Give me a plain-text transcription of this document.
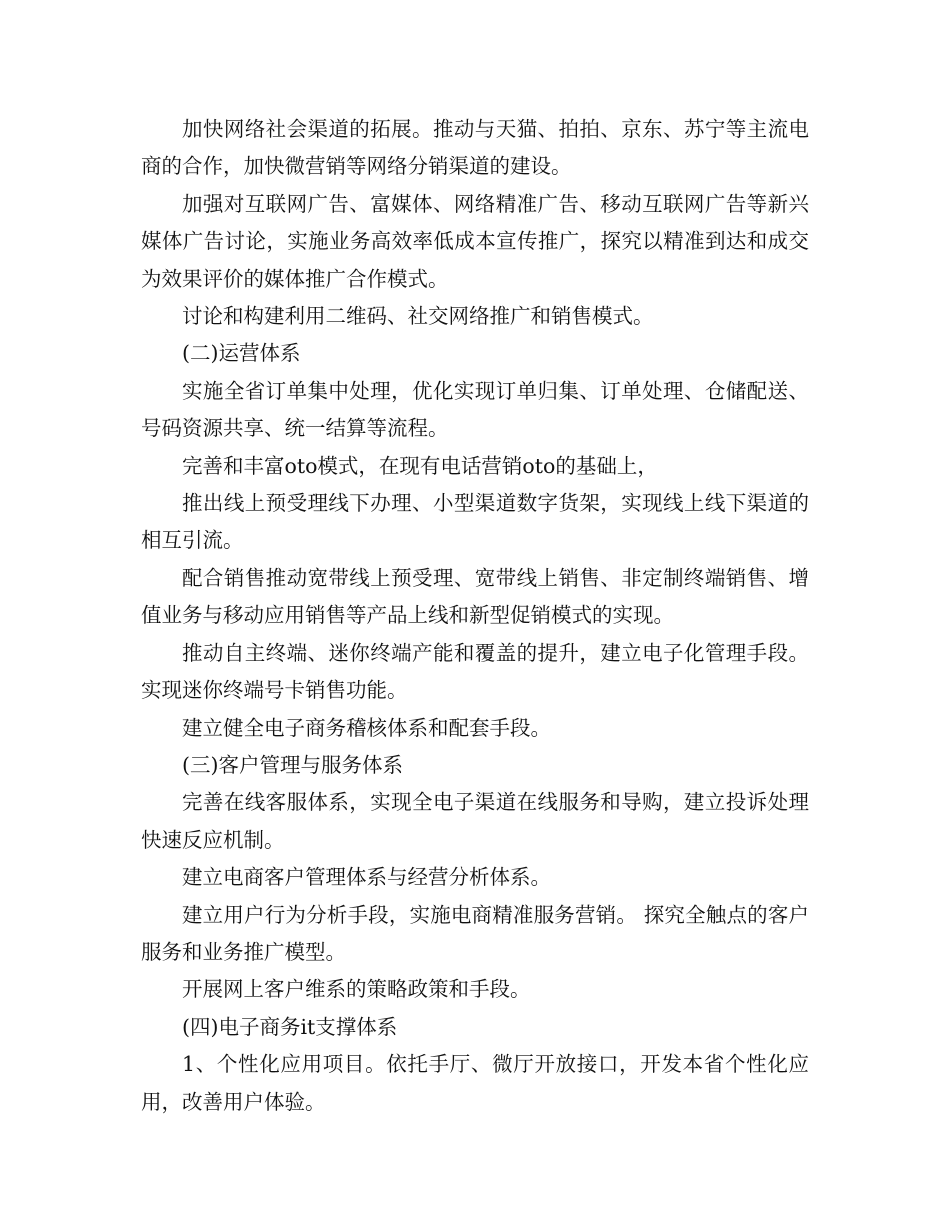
加快网络社会渠道的拓展。推动与天猫、拍拍、京东、苏宁等主流电商的合作，加快微营销等网络分销渠道的建设。

加强对互联网广告、富媒体、网络精准广告、移动互联网广告等新兴媒体广告讨论，实施业务高效率低成本宣传推广，探究以精准到达和成交为效果评价的媒体推广合作模式。

讨论和构建利用二维码、社交网络推广和销售模式。

(二)运营体系

实施全省订单集中处理，优化实现订单归集、订单处理、仓储配送、号码资源共享、统一结算等流程。

完善和丰富oto模式，在现有电话营销oto的基础上，

推出线上预受理线下办理、小型渠道数字货架，实现线上线下渠道的相互引流。

配合销售推动宽带线上预受理、宽带线上销售、非定制终端销售、增值业务与移动应用销售等产品上线和新型促销模式的实现。

推动自主终端、迷你终端产能和覆盖的提升，建立电子化管理手段。实现迷你终端号卡销售功能。

建立健全电子商务稽核体系和配套手段。

(三)客户管理与服务体系

完善在线客服体系，实现全电子渠道在线服务和导购，建立投诉处理快速反应机制。

建立电商客户管理体系与经营分析体系。

建立用户行为分析手段，实施电商精准服务营销。 探究全触点的客户服务和业务推广模型。

开展网上客户维系的策略政策和手段。

(四)电子商务it支撑体系

1、个性化应用项目。依托手厅、微厅开放接口，开发本省个性化应用，改善用户体验。
